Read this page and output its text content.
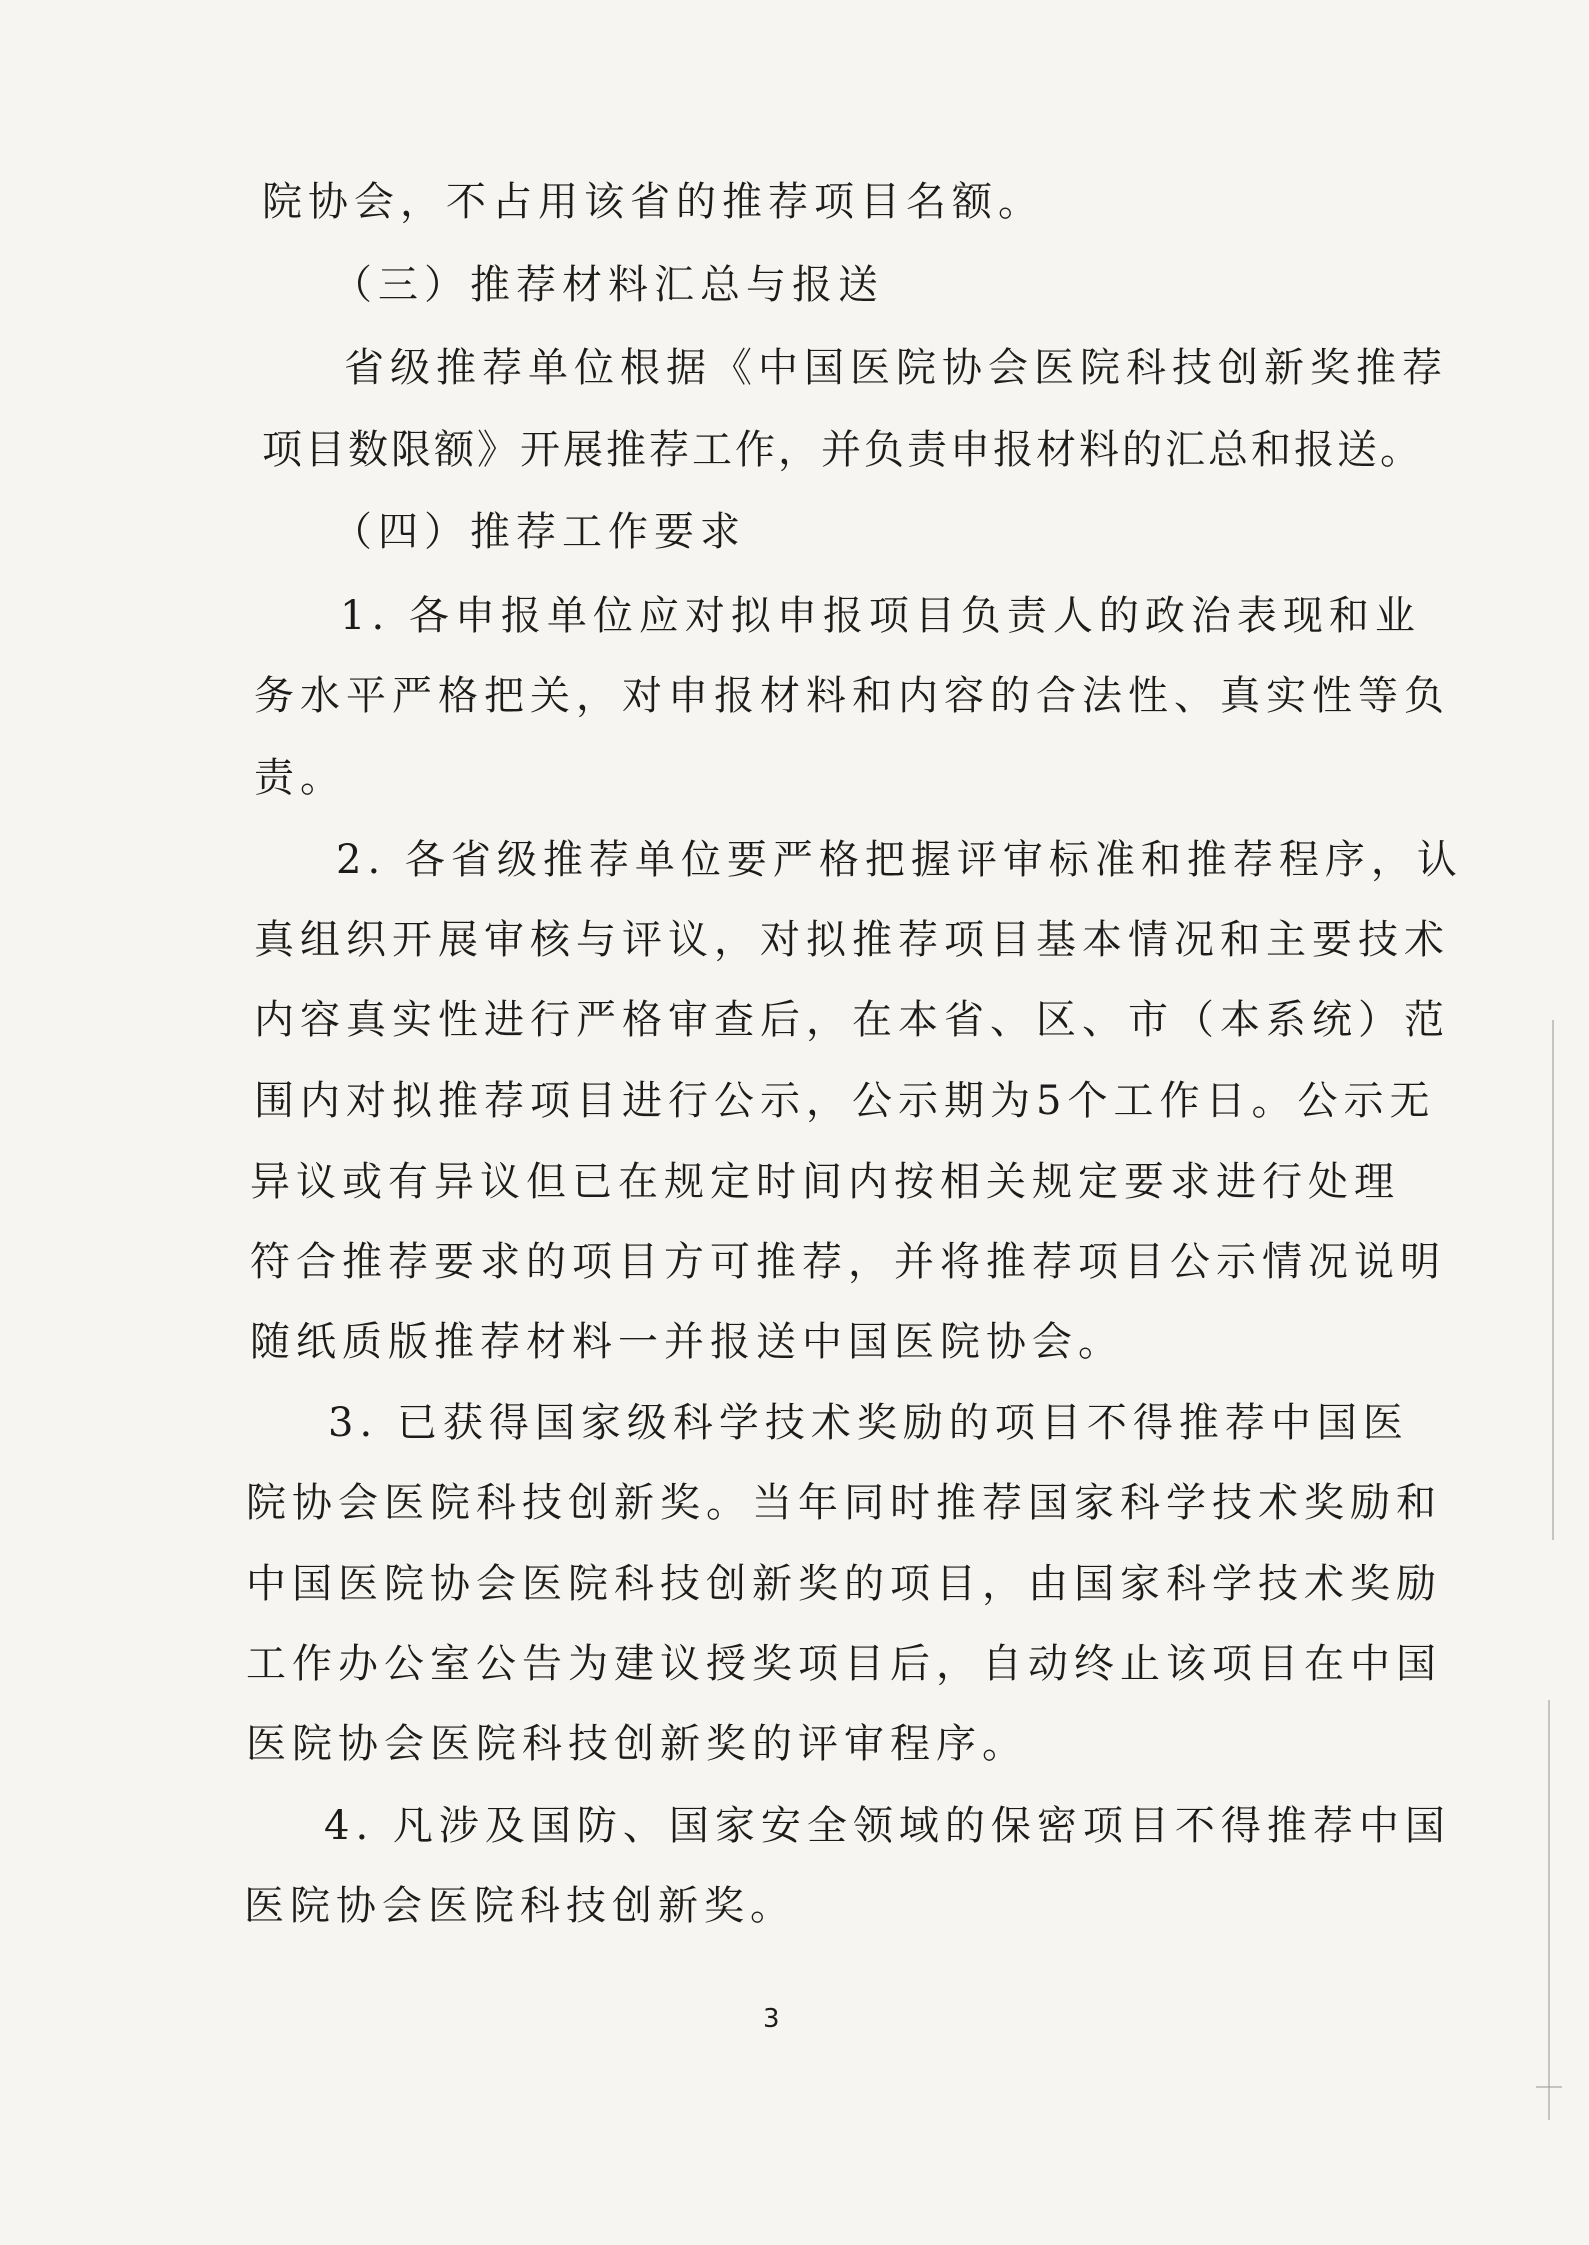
院协会，不占用该省的推荐项目名额。
（三）推荐材料汇总与报送
省级推荐单位根据《中国医院协会医院科技创新奖推荐
项目数限额》开展推荐工作，并负责申报材料的汇总和报送。
（四）推荐工作要求
1. 各申报单位应对拟申报项目负责人的政治表现和业
务水平严格把关，对申报材料和内容的合法性、真实性等负
责。
2. 各省级推荐单位要严格把握评审标准和推荐程序，认
真组织开展审核与评议，对拟推荐项目基本情况和主要技术
内容真实性进行严格审查后，在本省、区、市（本系统）范
围内对拟推荐项目进行公示，公示期为5个工作日。公示无
异议或有异议但已在规定时间内按相关规定要求进行处理
符合推荐要求的项目方可推荐，并将推荐项目公示情况说明
随纸质版推荐材料一并报送中国医院协会。
3. 已获得国家级科学技术奖励的项目不得推荐中国医
院协会医院科技创新奖。当年同时推荐国家科学技术奖励和
中国医院协会医院科技创新奖的项目，由国家科学技术奖励
工作办公室公告为建议授奖项目后，自动终止该项目在中国
医院协会医院科技创新奖的评审程序。
4. 凡涉及国防、国家安全领域的保密项目不得推荐中国
医院协会医院科技创新奖。
3
